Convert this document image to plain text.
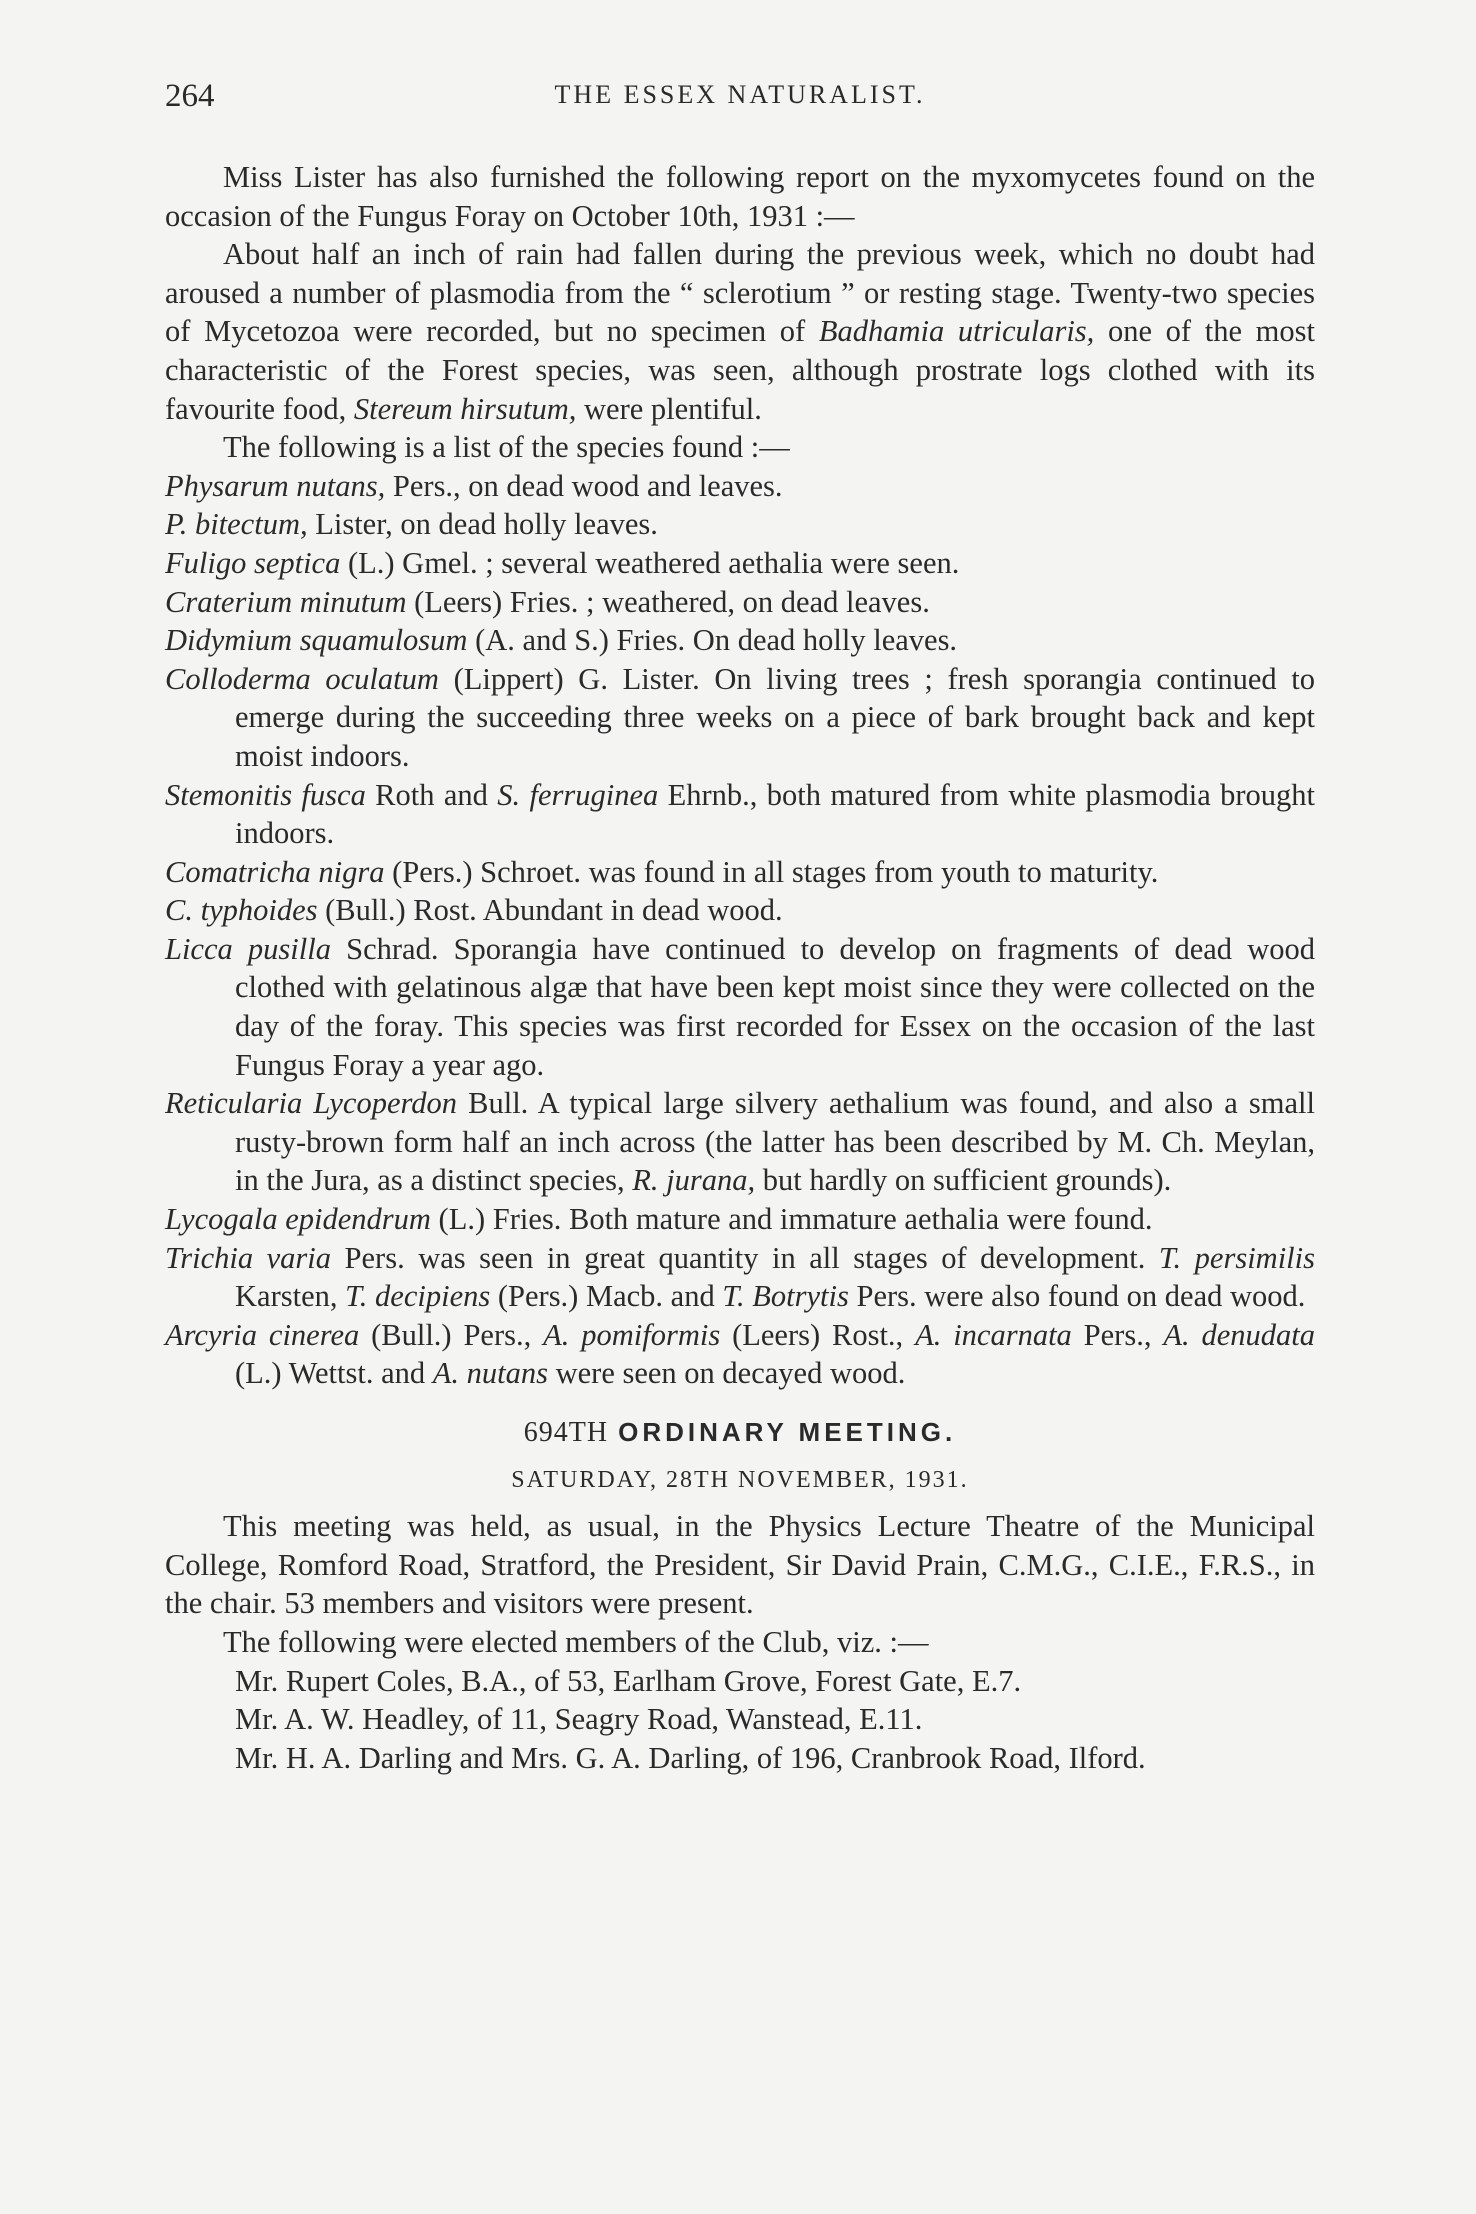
264	THE ESSEX NATURALIST.

Miss Lister has also furnished the following report on the myxomycetes found on the occasion of the Fungus Foray on October 10th, 1931 :—

About half an inch of rain had fallen during the previous week, which no doubt had aroused a number of plasmodia from the “ sclerotium ” or resting stage. Twenty-two species of Mycetozoa were recorded, but no specimen of Badhamia utricularis, one of the most characteristic of the Forest species, was seen, although prostrate logs clothed with its favourite food, Stereum hirsutum, were plentiful.

The following is a list of the species found :—

Physarum nutans, Pers., on dead wood and leaves.

P. bitectum, Lister, on dead holly leaves.

Fuligo septica (L.) Gmel. ; several weathered aethalia were seen.

Craterium minutum (Leers) Fries. ; weathered, on dead leaves.

Didymium squamulosum (A. and S.) Fries. On dead holly leaves.

Colloderma oculatum (Lippert) G. Lister. On living trees ; fresh sporangia continued to emerge during the succeeding three weeks on a piece of bark brought back and kept moist indoors.

Stemonitis fusca Roth and S. ferruginea Ehrnb., both matured from white plasmodia brought indoors.

Comatricha nigra (Pers.) Schroet. was found in all stages from youth to maturity.

C. typhoides (Bull.) Rost. Abundant in dead wood.

Licca pusilla Schrad. Sporangia have continued to develop on fragments of dead wood clothed with gelatinous algæ that have been kept moist since they were collected on the day of the foray. This species was first recorded for Essex on the occasion of the last Fungus Foray a year ago.

Reticularia Lycoperdon Bull. A typical large silvery aethalium was found, and also a small rusty-brown form half an inch across (the latter has been described by M. Ch. Meylan, in the Jura, as a distinct species, R. jurana, but hardly on sufficient grounds).

Lycogala epidendrum (L.) Fries. Both mature and immature aethalia were found.

Trichia varia Pers. was seen in great quantity in all stages of development. T. persimilis Karsten, T. decipiens (Pers.) Macb. and T. Botrytis Pers. were also found on dead wood.

Arcyria cinerea (Bull.) Pers., A. pomiformis (Leers) Rost., A. incarnata Pers., A. denudata (L.) Wettst. and A. nutans were seen on decayed wood.

694TH ORDINARY MEETING.
SATURDAY, 28TH NOVEMBER, 1931.

This meeting was held, as usual, in the Physics Lecture Theatre of the Municipal College, Romford Road, Stratford, the President, Sir David Prain, C.M.G., C.I.E., F.R.S., in the chair. 53 members and visitors were present.

The following were elected members of the Club, viz. :—

Mr. Rupert Coles, B.A., of 53, Earlham Grove, Forest Gate, E.7.

Mr. A. W. Headley, of 11, Seagry Road, Wanstead, E.11.

Mr. H. A. Darling and Mrs. G. A. Darling, of 196, Cranbrook Road, Ilford.
